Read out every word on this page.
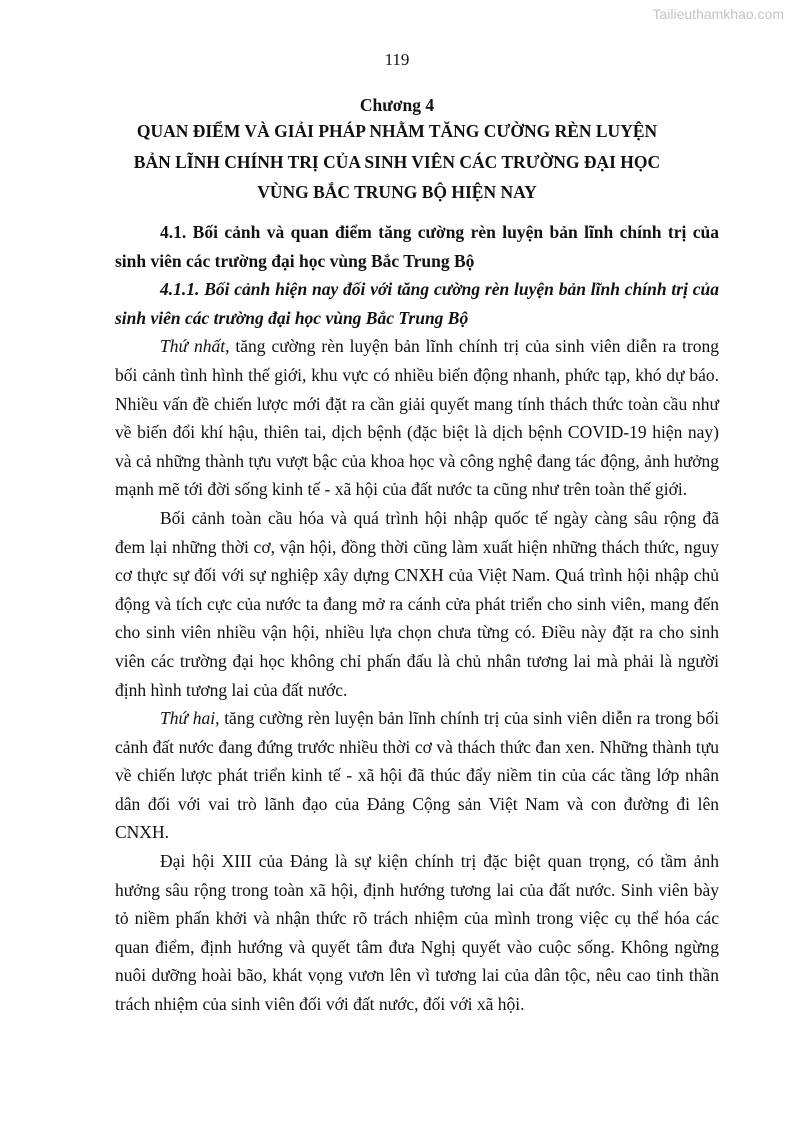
Tailieuthamkhao.com
119
Chương 4
QUAN ĐIỂM VÀ GIẢI PHÁP NHẰM TĂNG CƯỜNG RÈN LUYỆN
BẢN LĨNH CHÍNH TRỊ CỦA SINH VIÊN CÁC TRƯỜNG ĐẠI HỌC
VÙNG BẮC TRUNG BỘ HIỆN NAY

4.1. Bối cảnh và quan điểm tăng cường rèn luyện bản lĩnh chính trị của sinh viên các trường đại học vùng Bắc Trung Bộ

4.1.1. Bối cảnh hiện nay đối với tăng cường rèn luyện bản lĩnh chính trị của sinh viên các trường đại học vùng Bắc Trung Bộ

Thứ nhất, tăng cường rèn luyện bản lĩnh chính trị của sinh viên diễn ra trong bối cảnh tình hình thế giới, khu vực có nhiều biến động nhanh, phức tạp, khó dự báo. Nhiều vấn đề chiến lược mới đặt ra cần giải quyết mang tính thách thức toàn cầu như về biến đổi khí hậu, thiên tai, dịch bệnh (đặc biệt là dịch bệnh COVID-19 hiện nay) và cả những thành tựu vượt bậc của khoa học và công nghệ đang tác động, ảnh hưởng mạnh mẽ tới đời sống kinh tế - xã hội của đất nước ta cũng như trên toàn thế giới.

Bối cảnh toàn cầu hóa và quá trình hội nhập quốc tế ngày càng sâu rộng đã đem lại những thời cơ, vận hội, đồng thời cũng làm xuất hiện những thách thức, nguy cơ thực sự đối với sự nghiệp xây dựng CNXH của Việt Nam. Quá trình hội nhập chủ động và tích cực của nước ta đang mở ra cánh cửa phát triển cho sinh viên, mang đến cho sinh viên nhiều vận hội, nhiều lựa chọn chưa từng có. Điều này đặt ra cho sinh viên các trường đại học không chỉ phấn đấu là chủ nhân tương lai mà phải là người định hình tương lai của đất nước.

Thứ hai, tăng cường rèn luyện bản lĩnh chính trị của sinh viên diễn ra trong bối cảnh đất nước đang đứng trước nhiều thời cơ và thách thức đan xen. Những thành tựu về chiến lược phát triển kinh tế - xã hội đã thúc đẩy niềm tin của các tầng lớp nhân dân đối với vai trò lãnh đạo của Đảng Cộng sản Việt Nam và con đường đi lên CNXH.

Đại hội XIII của Đảng là sự kiện chính trị đặc biệt quan trọng, có tầm ảnh hưởng sâu rộng trong toàn xã hội, định hướng tương lai của đất nước. Sinh viên bày tỏ niềm phấn khởi và nhận thức rõ trách nhiệm của mình trong việc cụ thể hóa các quan điểm, định hướng và quyết tâm đưa Nghị quyết vào cuộc sống. Không ngừng nuôi dưỡng hoài bão, khát vọng vươn lên vì tương lai của dân tộc, nêu cao tinh thần trách nhiệm của sinh viên đối với đất nước, đối với xã hội.
